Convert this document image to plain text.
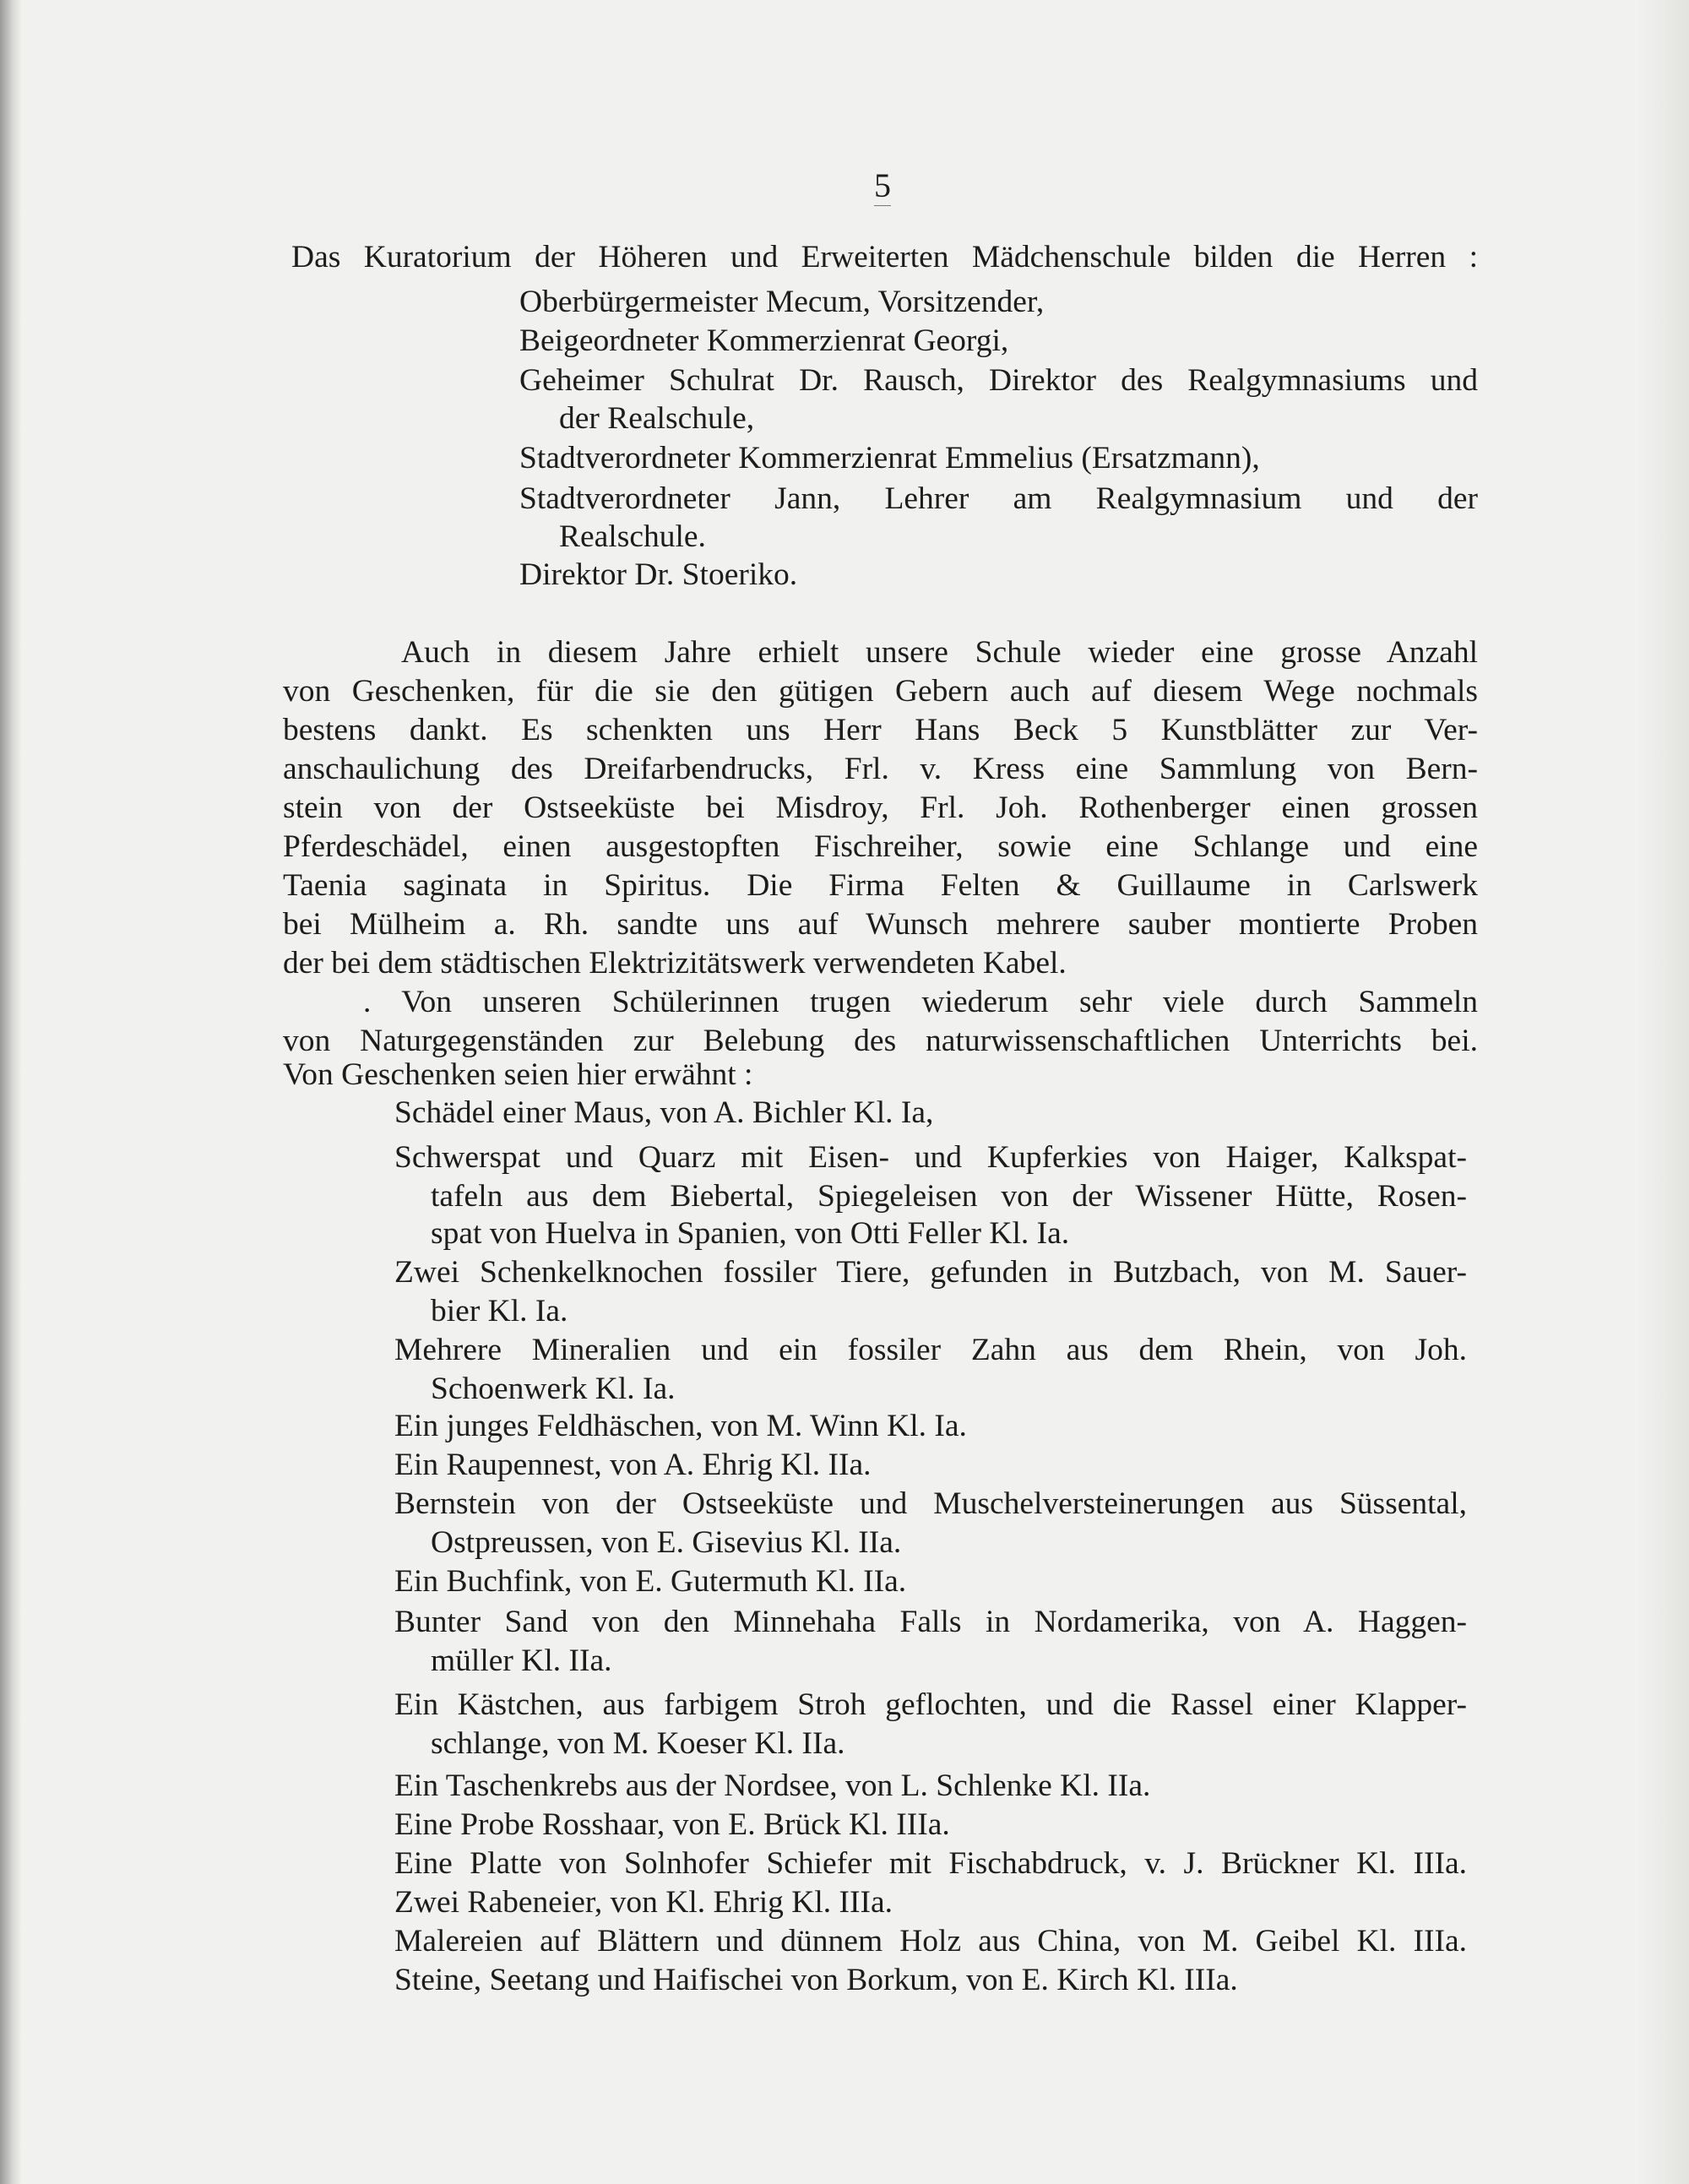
5
Das Kuratorium der Höheren und Erweiterten Mädchenschule bilden die Herren :
Oberbürgermeister Mecum, Vorsitzender,
Beigeordneter Kommerzienrat Georgi,
Geheimer Schulrat Dr. Rausch, Direktor des Realgymnasiums und
der Realschule,
Stadtverordneter Kommerzienrat Emmelius (Ersatzmann),
Stadtverordneter Jann, Lehrer am Realgymnasium und der
Realschule.
Direktor Dr. Stoeriko.
Auch in diesem Jahre erhielt unsere Schule wieder eine grosse Anzahl
von Geschenken, für die sie den gütigen Gebern auch auf diesem Wege nochmals
bestens dankt. Es schenkten uns Herr Hans Beck 5 Kunstblätter zur Ver-
anschaulichung des Dreifarbendrucks, Frl. v. Kress eine Sammlung von Bern-
stein von der Ostseeküste bei Misdroy, Frl. Joh. Rothenberger einen grossen
Pferdeschädel, einen ausgestopften Fischreiher, sowie eine Schlange und eine
Taenia saginata in Spiritus. Die Firma Felten & Guillaume in Carlswerk
bei Mülheim a. Rh. sandte uns auf Wunsch mehrere sauber montierte Proben
der bei dem städtischen Elektrizitätswerk verwendeten Kabel.
. Von unseren Schülerinnen trugen wiederum sehr viele durch Sammeln
von Naturgegenständen zur Belebung des naturwissenschaftlichen Unterrichts bei.
Von Geschenken seien hier erwähnt :
Schädel einer Maus, von A. Bichler Kl. Ia,
Schwerspat und Quarz mit Eisen- und Kupferkies von Haiger, Kalkspat-
tafeln aus dem Biebertal, Spiegeleisen von der Wissener Hütte, Rosen-
spat von Huelva in Spanien, von Otti Feller Kl. Ia.
Zwei Schenkelknochen fossiler Tiere, gefunden in Butzbach, von M. Sauer-
bier Kl. Ia.
Mehrere Mineralien und ein fossiler Zahn aus dem Rhein, von Joh.
Schoenwerk Kl. Ia.
Ein junges Feldhäschen, von M. Winn Kl. Ia.
Ein Raupennest, von A. Ehrig Kl. IIa.
Bernstein von der Ostseeküste und Muschelversteinerungen aus Süssental,
Ostpreussen, von E. Gisevius Kl. IIa.
Ein Buchfink, von E. Gutermuth Kl. IIa.
Bunter Sand von den Minnehaha Falls in Nordamerika, von A. Haggen-
müller Kl. IIa.
Ein Kästchen, aus farbigem Stroh geflochten, und die Rassel einer Klapper-
schlange, von M. Koeser Kl. IIa.
Ein Taschenkrebs aus der Nordsee, von L. Schlenke Kl. IIa.
Eine Probe Rosshaar, von E. Brück Kl. IIIa.
Eine Platte von Solnhofer Schiefer mit Fischabdruck, v. J. Brückner Kl. IIIa.
Zwei Rabeneier, von Kl. Ehrig Kl. IIIa.
Malereien auf Blättern und dünnem Holz aus China, von M. Geibel Kl. IIIa.
Steine, Seetang und Haifischei von Borkum, von E. Kirch Kl. IIIa.
